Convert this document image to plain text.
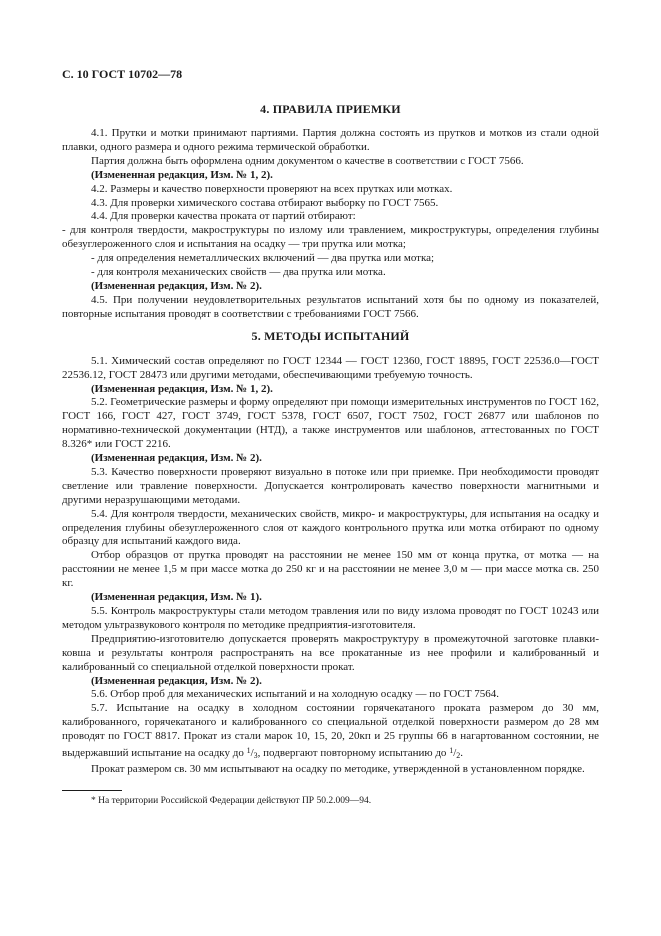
С. 10 ГОСТ 10702—78
4. ПРАВИЛА ПРИЕМКИ

4.1. Прутки и мотки принимают партиями. Партия должна состоять из прутков и мотков из стали одной плавки, одного размера и одного режима термической обработки.

Партия должна быть оформлена одним документом о качестве в соответствии с ГОСТ 7566.

(Измененная редакция, Изм. № 1, 2).

4.2. Размеры и качество поверхности проверяют на всех прутках или мотках.

4.3. Для проверки химического состава отбирают выборку по ГОСТ 7565.

4.4. Для проверки качества проката от партий отбирают:

- для контроля твердости, макроструктуры по излому или травлением, микроструктуры, определения глубины обезуглероженного слоя и испытания на осадку — три прутка или мотка;

- для определения неметаллических включений — два прутка или мотка;

- для контроля механических свойств — два прутка или мотка.

(Измененная редакция, Изм. № 2).

4.5. При получении неудовлетворительных результатов испытаний хотя бы по одному из показателей, повторные испытания проводят в соответствии с требованиями ГОСТ 7566.

5. МЕТОДЫ ИСПЫТАНИЙ

5.1. Химический состав определяют по ГОСТ 12344 — ГОСТ 12360, ГОСТ 18895, ГОСТ 22536.0—ГОСТ 22536.12, ГОСТ 28473 или другими методами, обеспечивающими требуемую точность.

(Измененная редакция, Изм. № 1, 2).

5.2. Геометрические размеры и форму определяют при помощи измерительных инструментов по ГОСТ 162, ГОСТ 166, ГОСТ 427, ГОСТ 3749, ГОСТ 5378, ГОСТ 6507, ГОСТ 7502, ГОСТ 26877 или шаблонов по нормативно-технической документации (НТД), а также инструментов или шаблонов, аттестованных по ГОСТ 8.326* или ГОСТ 2216.

(Измененная редакция, Изм. № 2).

5.3. Качество поверхности проверяют визуально в потоке или при приемке. При необходимости проводят светление или травление поверхности. Допускается контролировать качество поверхности магнитными и другими неразрушающими методами.

5.4. Для контроля твердости, механических свойств, микро- и макроструктуры, для испытания на осадку и определения глубины обезуглероженного слоя от каждого контрольного прутка или мотка отбирают по одному образцу для испытаний каждого вида.

Отбор образцов от прутка проводят на расстоянии не менее 150 мм от конца прутка, от мотка — на расстоянии не менее 1,5 м при массе мотка до 250 кг и на расстоянии не менее 3,0 м — при массе мотка св. 250 кг.

(Измененная редакция, Изм. № 1).

5.5. Контроль макроструктуры стали методом травления или по виду излома проводят по ГОСТ 10243 или методом ультразвукового контроля по методике предприятия-изготовителя.

Предприятию-изготовителю допускается проверять макроструктуру в промежуточной заготовке плавки-ковша и результаты контроля распространять на все прокатанные из нее профили и калиброванный и калиброванный со специальной отделкой поверхности прокат.

(Измененная редакция, Изм. № 2).

5.6. Отбор проб для механических испытаний и на холодную осадку — по ГОСТ 7564.

5.7. Испытание на осадку в холодном состоянии горячекатаного проката размером до 30 мм, калиброванного, горячекатаного и калиброванного со специальной отделкой поверхности размером до 28 мм проводят по ГОСТ 8817. Прокат из стали марок 10, 15, 20, 20кп и 25 группы 66 в нагартованном состоянии, не выдержавший испытание на осадку до $^1$/3, подвергают повторному испытанию до $^1$/2.

Прокат размером св. 30 мм испытывают на осадку по методике, утвержденной в установленном порядке.

* На территории Российской Федерации действуют ПР 50.2.009—94.
